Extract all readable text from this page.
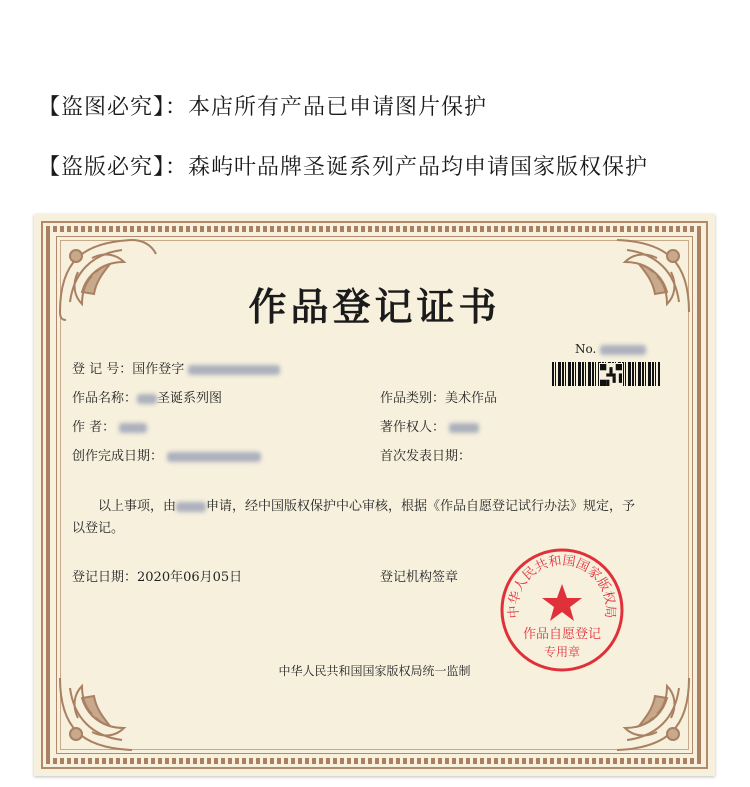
【盗图必究】：本店所有产品已申请图片保护
【盗版必究】：森屿叶品牌圣诞系列产品均申请国家版权保护
作品登记证书
No.
登 记 号：国作登字
作品名称： 圣诞系列图	作品类别：美术作品
作 者：	著作权人：
创作完成日期：	首次发表日期：
以上事项，由 申请，经中国版权保护中心审核，根据《作品自愿登记试行办法》规定，予以登记。
登记日期：2020年06月05日	登记机构签章
中华人民共和国国家版权局
作品自愿登记
专用章
中华人民共和国国家版权局统一监制
